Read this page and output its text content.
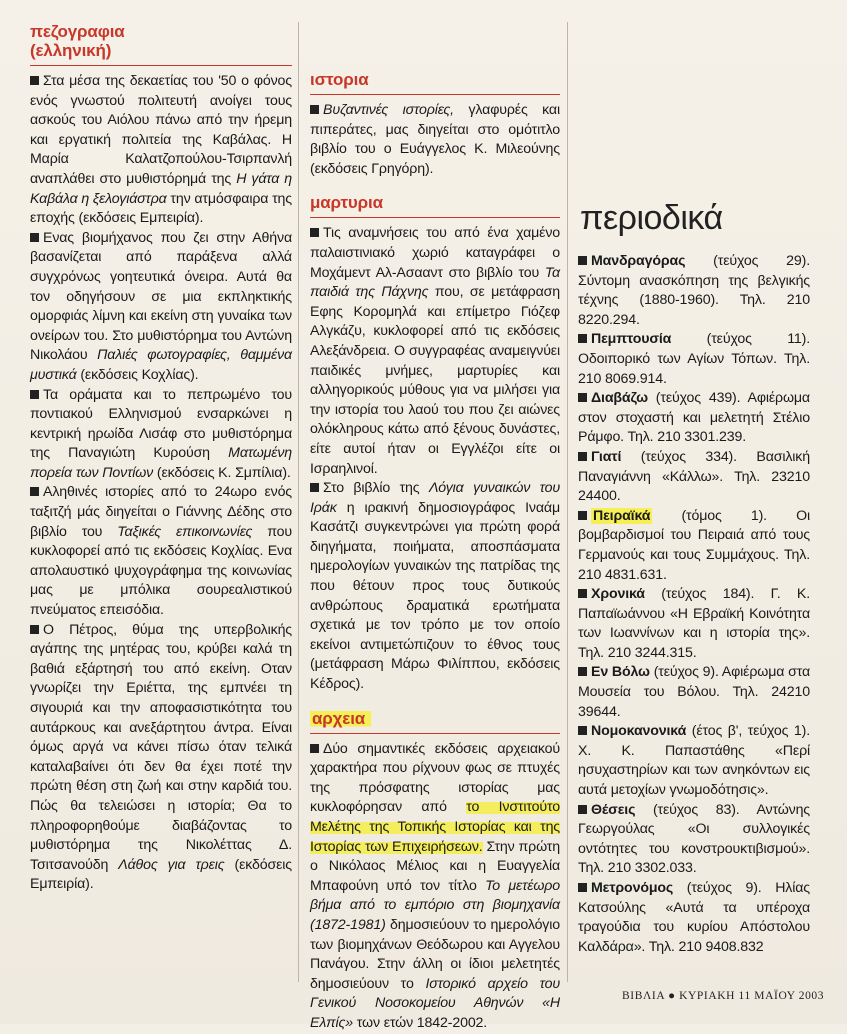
πεζογραφια
(ελληνική)

Στα μέσα της δεκαετίας του '50 ο φόνος ενός γνωστού πολιτευτή ανοίγει τους ασκούς του Αιόλου πάνω από την ήρεμη και εργατική πολιτεία της Καβάλας. Η Μαρία Καλατζοπούλου-Τσιρπανλή αναπλάθει στο μυθιστόρημά της Η γάτα η Καβάλα η ξελογιάστρα την ατμόσφαιρα της εποχής (εκδόσεις Εμπειρία).

Ενας βιομήχανος που ζει στην Αθήνα βασανίζεται από παράξενα αλλά συγχρόνως γοητευτικά όνειρα. Αυτά θα τον οδηγήσουν σε μια εκπληκτικής ομορφιάς λίμνη και εκείνη στη γυναίκα των ονείρων του. Στο μυθιστόρημα του Αντώνη Νικολάου Παλιές φωτογραφίες, θαμμένα μυστικά (εκδόσεις Κοχλίας).

Τα οράματα και το πεπρωμένο του ποντιακού Ελληνισμού ενσαρκώνει η κεντρική ηρωίδα Λισάφ στο μυθιστόρημα της Παναγιώτη Κυρούση Ματωμένη πορεία των Ποντίων (εκδόσεις Κ. Σμπίλια).

Αληθινές ιστορίες από το 24ωρο ενός ταξιτζή μάς διηγείται ο Γιάννης Δέδης στο βιβλίο του Ταξικές επικοινωνίες που κυκλοφορεί από τις εκδόσεις Κοχλίας. Ενα απολαυστικό ψυχογράφημα της κοινωνίας μας με μπόλικα σουρεαλιστικού πνεύματος επεισόδια.

Ο Πέτρος, θύμα της υπερβολικής αγάπης της μητέρας του, κρύβει καλά τη βαθιά εξάρτησή του από εκείνη. Οταν γνωρίζει την Εριέττα, της εμπνέει τη σιγουριά και την αποφασιστικότητα του αυτάρκους και ανεξάρτητου άντρα. Είναι όμως αργά να κάνει πίσω όταν τελικά καταλαβαίνει ότι δεν θα έχει ποτέ την πρώτη θέση στη ζωή και στην καρδιά του. Πώς θα τελειώσει η ιστορία; Θα το πληροφορηθούμε διαβάζοντας το μυθιστόρημα της Νικολέττας Δ. Τσιτσανούδη Λάθος για τρεις (εκδόσεις Εμπειρία).

ιστορια

Βυζαντινές ιστορίες, γλαφυρές και πιπεράτες, μας διηγείται στο ομότιτλο βιβλίο του ο Ευάγγελος Κ. Μιλεούνης (εκδόσεις Γρηγόρη).

μαρτυρια

Τις αναμνήσεις του από ένα χαμένο παλαιστινιακό χωριό καταγράφει ο Μοχάμεντ Αλ-Ασααντ στο βιβλίο του Τα παιδιά της Πάχνης που, σε μετάφραση Εφης Κορομηλά και επίμετρο Γιόζεφ Αλγκάζυ, κυκλοφορεί από τις εκδόσεις Αλεξάνδρεια. Ο συγγραφέας αναμειγνύει παιδικές μνήμες, μαρτυρίες και αλληγορικούς μύθους για να μιλήσει για την ιστορία του λαού του που ζει αιώνες ολόκληρους κάτω από ξένους δυνάστες, είτε αυτοί ήταν οι Εγγλέζοι είτε οι Ισραηλινοί.

Στο βιβλίο της Λόγια γυναικών του Ιράκ η ιρακινή δημοσιογράφος Ιναάμ Κασάτζι συγκεντρώνει για πρώτη φορά διηγήματα, ποιήματα, αποσπάσματα ημερολογίων γυναικών της πατρίδας της που θέτουν προς τους δυτικούς ανθρώπους δραματικά ερωτήματα σχετικά με τον τρόπο με τον οποίο εκείνοι αντιμετώπιζουν το έθνος τους (μετάφραση Μάρω Φιλίππου, εκδόσεις Κέδρος).

αρχεια

Δύο σημαντικές εκδόσεις αρχειακού χαρακτήρα που ρίχνουν φως σε πτυχές της πρόσφατης ιστορίας μας κυκλοφόρησαν από το Ινστιτούτο Μελέτης της Τοπικής Ιστορίας και της Ιστορίας των Επιχειρήσεων. Στην πρώτη ο Νικόλαος Μέλιος και η Ευαγγελία Μπαφούνη υπό τον τίτλο Το μετέωρο βήμα από το εμπόριο στη βιομηχανία (1872-1981) δημοσιεύουν το ημερολόγιο των βιομηχάνων Θεόδωρου και Αγγελου Πανάγου. Στην άλλη οι ίδιοι μελετητές δημοσιεύουν το Ιστορικό αρχείο του Γενικού Νοσοκομείου Αθηνών «Η Ελπίς» των ετών 1842-2002.

περιοδικά

Μανδραγόρας (τεύχος 29). Σύντομη ανασκόπηση της βελγικής τέχνης (1880-1960). Τηλ. 210 8220.294.

Πεμπτουσία (τεύχος 11). Οδοιπορικό των Αγίων Τόπων. Τηλ. 210 8069.914.

Διαβάζω (τεύχος 439). Αφιέρωμα στον στοχαστή και μελετητή Στέλιο Ράμφο. Τηλ. 210 3301.239.

Γιατί (τεύχος 334). Βασιλική Παναγιάννη «Κάλλω». Τηλ. 23210 24400.

Πειραϊκά (τόμος 1). Οι βομβαρδισμοί του Πειραιά από τους Γερμανούς και τους Συμμάχους. Τηλ. 210 4831.631.

Χρονικά (τεύχος 184). Γ. Κ. Παπαϊωάννου «Η Εβραϊκή Κοινότητα των Ιωαννίνων και η ιστορία της». Τηλ. 210 3244.315.

Εν Βόλω (τεύχος 9). Αφιέρωμα στα Μουσεία του Βόλου. Τηλ. 24210 39644.

Νομοκανονικά (έτος β', τεύχος 1). Χ. Κ. Παπαστάθης «Περί ησυχαστηρίων και των ανηκόντων εις αυτά μετοχίων γνωμοδότησις».

Θέσεις (τεύχος 83). Αντώνης Γεωργούλας «Οι συλλογικές οντότητες του κονστρουκτιβισμού». Τηλ. 210 3302.033.

Μετρονόμος (τεύχος 9). Ηλίας Κατσούλης «Αυτά τα υπέροχα τραγούδια του κυρίου Απόστολου Καλδάρα». Τηλ. 210 9408.832

ΒΙΒΛΙΑ ● ΚΥΡΙΑΚΗ 11 ΜΑΪΟΥ 2003
